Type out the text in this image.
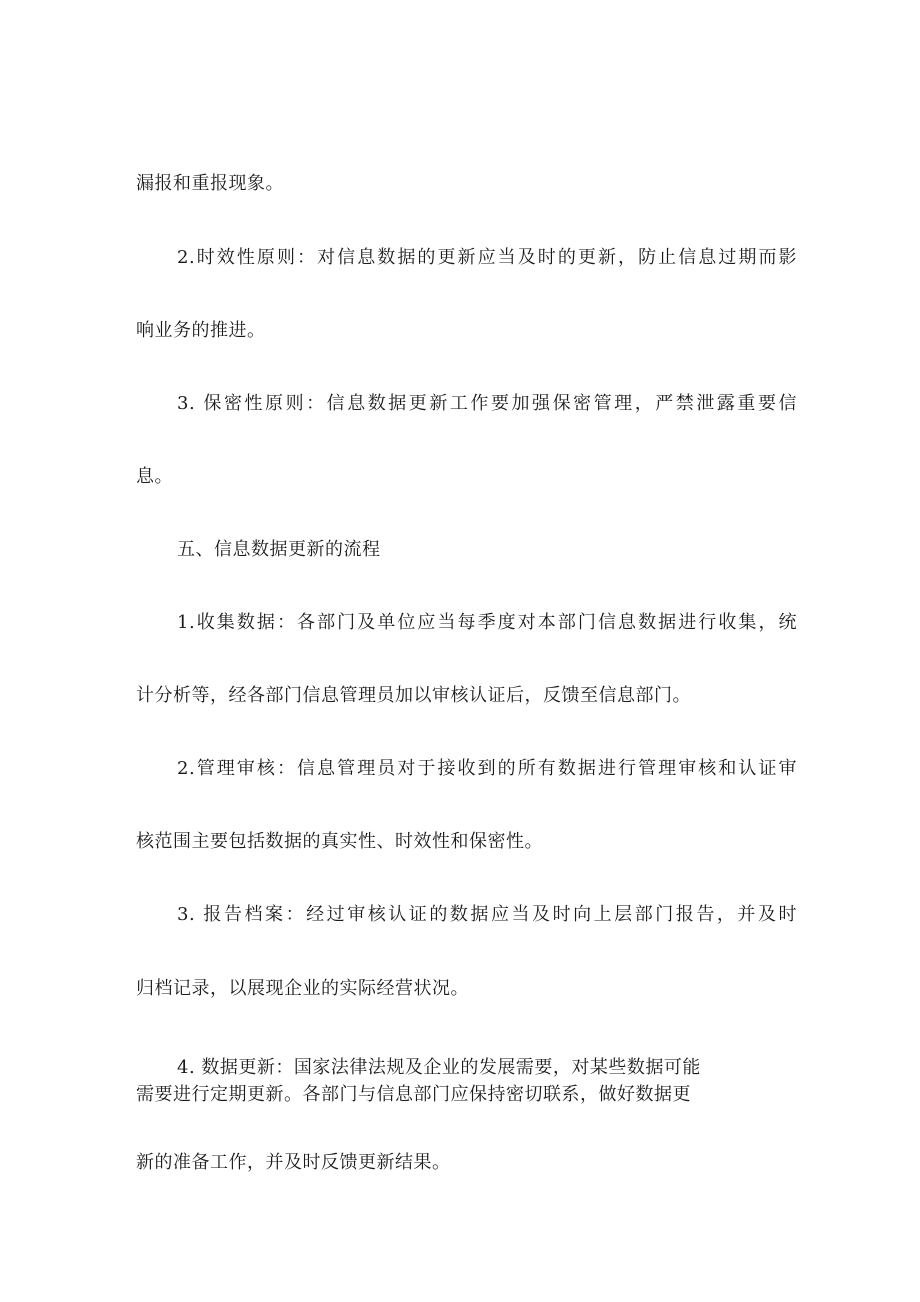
漏报和重报现象。
2.时效性原则：对信息数据的更新应当及时的更新，防止信息过期而影
响业务的推进。
3. 保密性原则：信息数据更新工作要加强保密管理，严禁泄露重要信
息。
五、信息数据更新的流程
1.收集数据：各部门及单位应当每季度对本部门信息数据进行收集，统
计分析等，经各部门信息管理员加以审核认证后，反馈至信息部门。
2.管理审核：信息管理员对于接收到的所有数据进行管理审核和认证审
核范围主要包括数据的真实性、时效性和保密性。
3. 报告档案：经过审核认证的数据应当及时向上层部门报告，并及时
归档记录，以展现企业的实际经营状况。
4. 数据更新：国家法律法规及企业的发展需要，对某些数据可能
需要进行定期更新。各部门与信息部门应保持密切联系，做好数据更
新的准备工作，并及时反馈更新结果。
